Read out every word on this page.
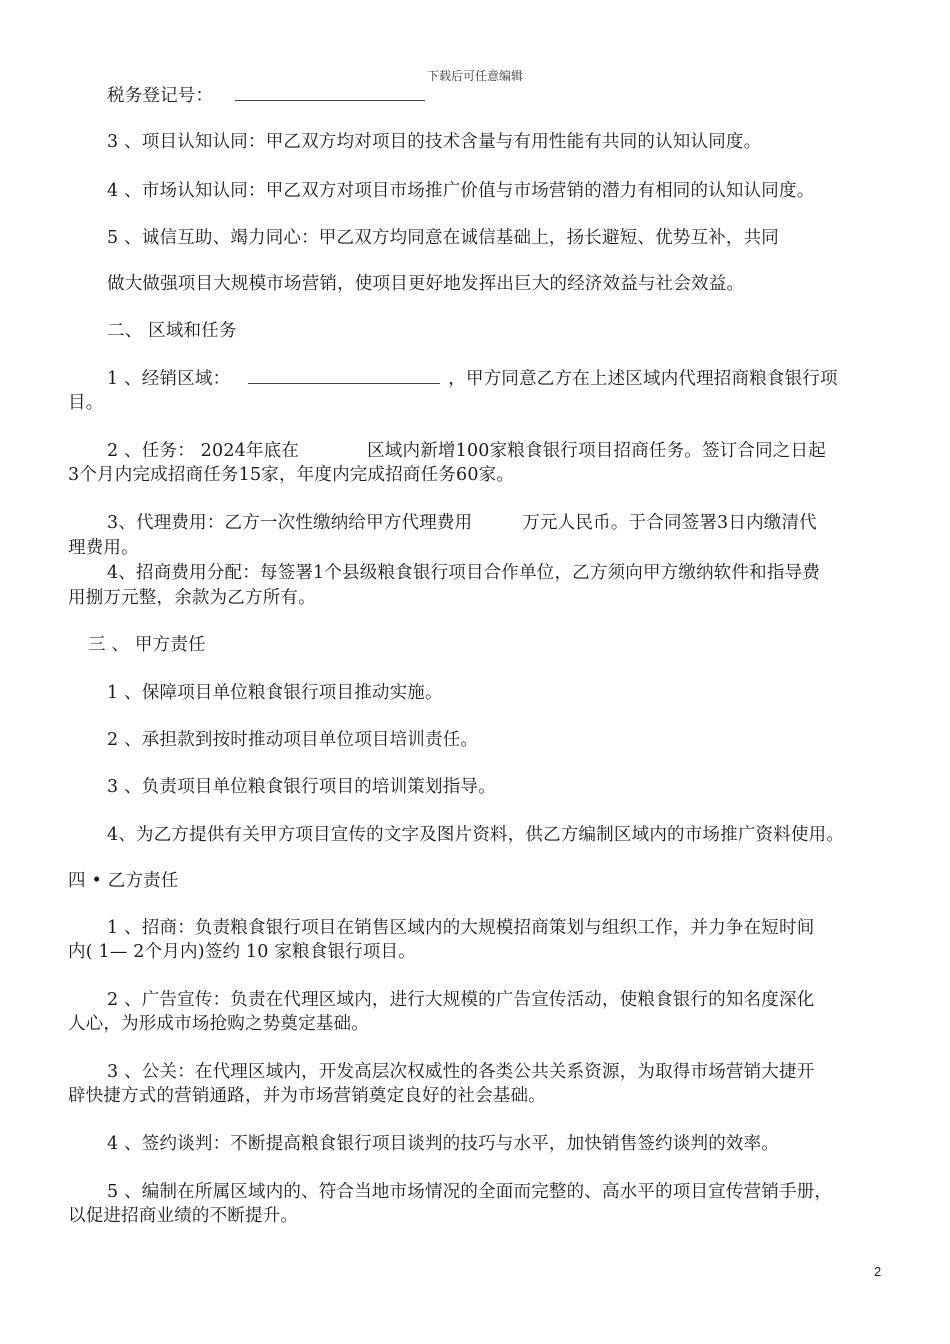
下载后可任意编辑
税务登记号：
3 、项目认知认同：甲乙双方均对项目的技术含量与有用性能有共同的认知认同度。
4 、市场认知认同：甲乙双方对项目市场推广价值与市场营销的潜力有相同的认知认同度。
5 、诚信互助、竭力同心：甲乙双方均同意在诚信基础上，扬长避短、优势互补，共同
做大做强项目大规模市场营销，使项目更好地发挥出巨大的经济效益与社会效益。
二、 区域和任务
1 、经销区域：	，甲方同意乙方在上述区域内代理招商粮食银行项
目。
2 、任务： 2024年底在	区域内新增100家粮食银行项目招商任务。签订合同之日起
3个月内完成招商任务15家，年度内完成招商任务60家。
3、代理费用：乙方一次性缴纳给甲方代理费用	万元人民币。于合同签署3日内缴清代
理费用。
4、招商费用分配：每签署1个县级粮食银行项目合作单位，乙方须向甲方缴纳软件和指导费
用捌万元整，余款为乙方所有。
三 、 甲方责任
1 、保障项目单位粮食银行项目推动实施。
2 、承担款到按时推动项目单位项目培训责任。
3 、负责项目单位粮食银行项目的培训策划指导。
4、为乙方提供有关甲方项目宣传的文字及图片资料，供乙方编制区域内的市场推广资料使用。
四 • 乙方责任
1 、招商：负责粮食银行项目在销售区域内的大规模招商策划与组织工作，并力争在短时间
内( 1— 2个月内)签约 10 家粮食银行项目。
2 、广告宣传：负责在代理区域内，进行大规模的广告宣传活动，使粮食银行的知名度深化
人心，为形成市场抢购之势奠定基础。
3 、公关：在代理区域内，开发高层次权威性的各类公共关系资源，为取得市场营销大捷开
辟快捷方式的营销通路，并为市场营销奠定良好的社会基础。
4 、签约谈判：不断提高粮食银行项目谈判的技巧与水平，加快销售签约谈判的效率。
5 、编制在所属区域内的、符合当地市场情况的全面而完整的、高水平的项目宣传营销手册，
以促进招商业绩的不断提升。
2
